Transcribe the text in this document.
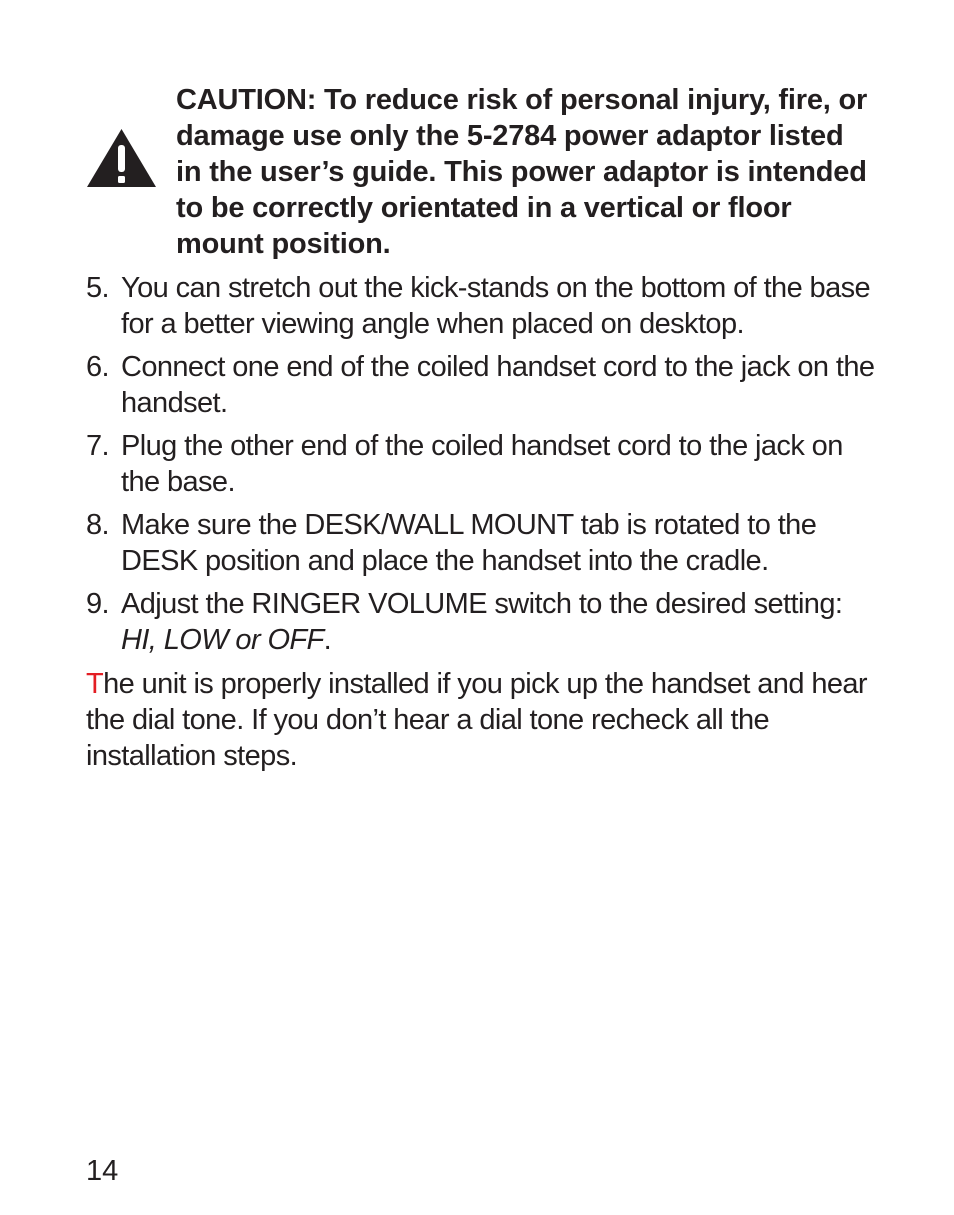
CAUTION: To reduce risk of personal injury, fire, or damage use only the 5-2784 power adaptor listed in the user’s guide. This power adaptor is intended to be correctly orientated in a vertical or floor mount position.
5. You can stretch out the kick-stands on the bottom of the base for a better viewing angle when placed on desktop.
6. Connect one end of the coiled handset cord to the jack on the handset.
7. Plug the other end of the coiled handset cord to the jack on the base.
8. Make sure the DESK/WALL MOUNT tab is rotated to the DESK position and place the handset into the cradle.
9. Adjust the RINGER VOLUME switch to the desired setting: HI, LOW or OFF.

The unit is properly installed if you pick up the handset and hear the dial tone. If you don’t hear a dial tone recheck all the installation steps.

14
